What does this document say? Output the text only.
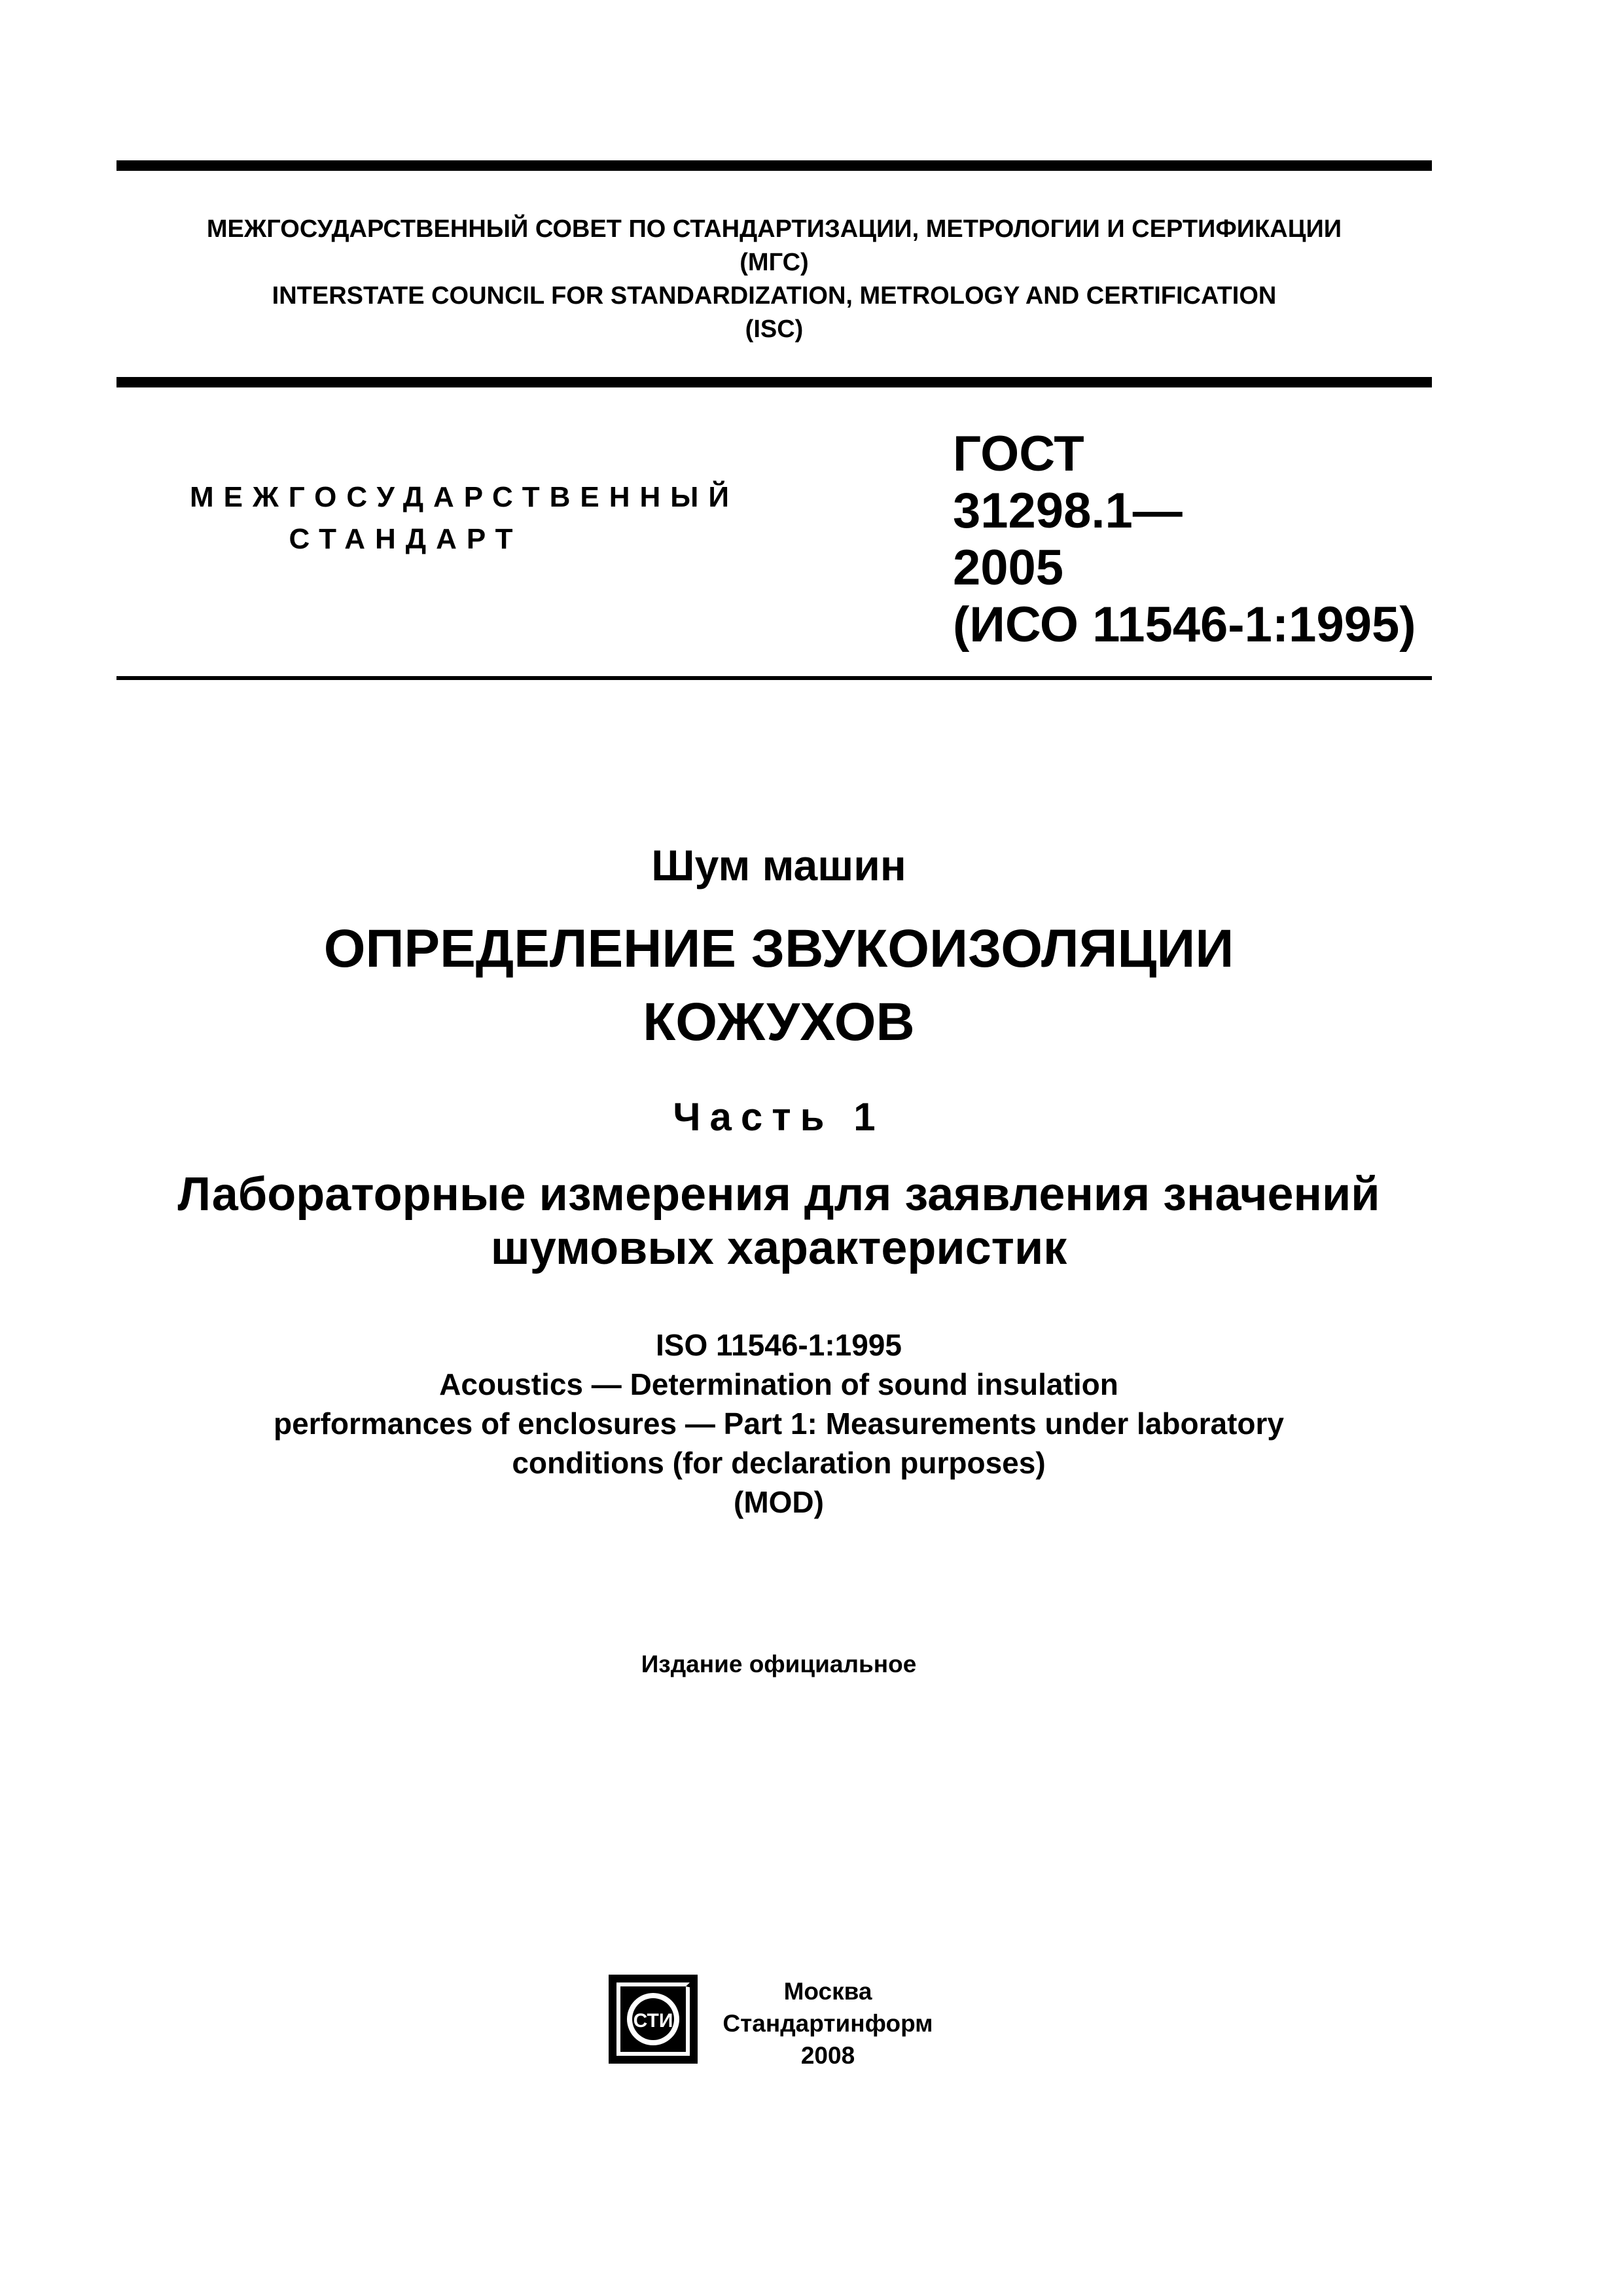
МЕЖГОСУДАРСТВЕННЫЙ СОВЕТ ПО СТАНДАРТИЗАЦИИ, МЕТРОЛОГИИ И СЕРТИФИКАЦИИ
(МГС)
INTERSTATE COUNCIL FOR STANDARDIZATION, METROLOGY AND CERTIFICATION
(ISC)
МЕЖГОСУДАРСТВЕННЫЙ
СТАНДАРТ
ГОСТ
31298.1—
2005
(ИСО 11546-1:1995)
Шум машин
ОПРЕДЕЛЕНИЕ ЗВУКОИЗОЛЯЦИИ
КОЖУХОВ
Часть 1
Лабораторные измерения для заявления значений
шумовых характеристик
ISO 11546-1:1995
Acoustics — Determination of sound insulation
performances of enclosures — Part 1: Measurements under laboratory
conditions (for declaration purposes)
(MOD)
Издание официальное
СТИ
Москва
Стандартинформ
2008
